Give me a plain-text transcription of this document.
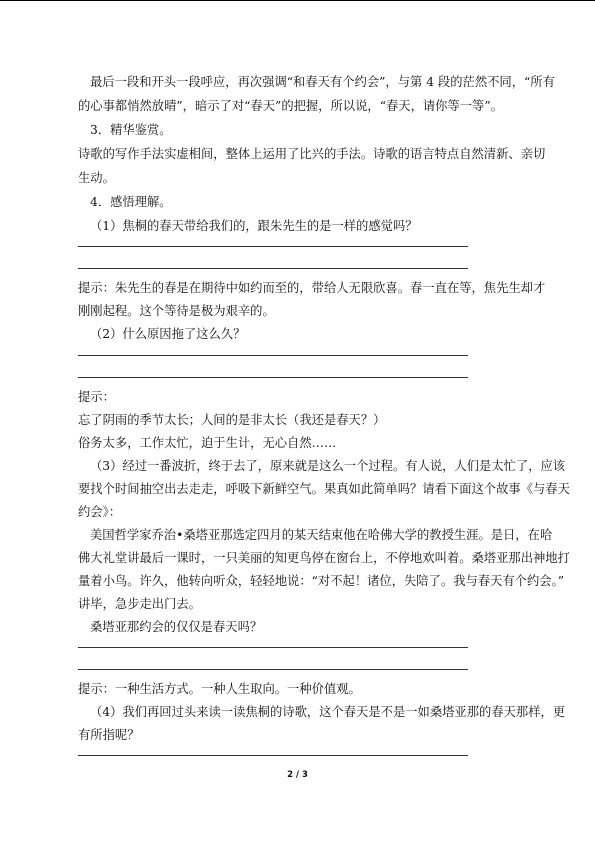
最后一段和开头一段呼应，再次强调“和春天有个约会”，与第 4 段的茫然不同，“所有
的心事都悄然放晴”，暗示了对“春天”的把握，所以说，“春天，请你等一等”。
3．精华鉴赏。
诗歌的写作手法实虚相间，整体上运用了比兴的手法。诗歌的语言特点自然清新、亲切
生动。
4．感悟理解。
（1）焦桐的春天带给我们的，跟朱先生的是一样的感觉吗？
提示：朱先生的春是在期待中如约而至的，带给人无限欣喜。春一直在等，焦先生却才
刚刚起程。这个等待是极为艰辛的。
（2）什么原因拖了这么久？
提示：
忘了阴雨的季节太长；人间的是非太长（我还是春天？）
俗务太多，工作太忙，迫于生计，无心自然……
（3）经过一番波折，终于去了，原来就是这么一个过程。有人说，人们是太忙了，应该
要找个时间抽空出去走走，呼吸下新鲜空气。果真如此简单吗？请看下面这个故事《与春天
约会》：
美国哲学家乔治•桑塔亚那选定四月的某天结束他在哈佛大学的教授生涯。是日，在哈
佛大礼堂讲最后一课时，一只美丽的知更鸟停在窗台上，不停地欢叫着。桑塔亚那出神地打
量着小鸟。许久，他转向听众，轻轻地说：“对不起！诸位，失陪了。我与春天有个约会。”
讲毕，急步走出门去。
桑塔亚那约会的仅仅是春天吗？
提示：一种生活方式。一种人生取向。一种价值观。
（4）我们再回过头来读一读焦桐的诗歌，这个春天是不是一如桑塔亚那的春天那样，更
有所指呢？
2 / 3
